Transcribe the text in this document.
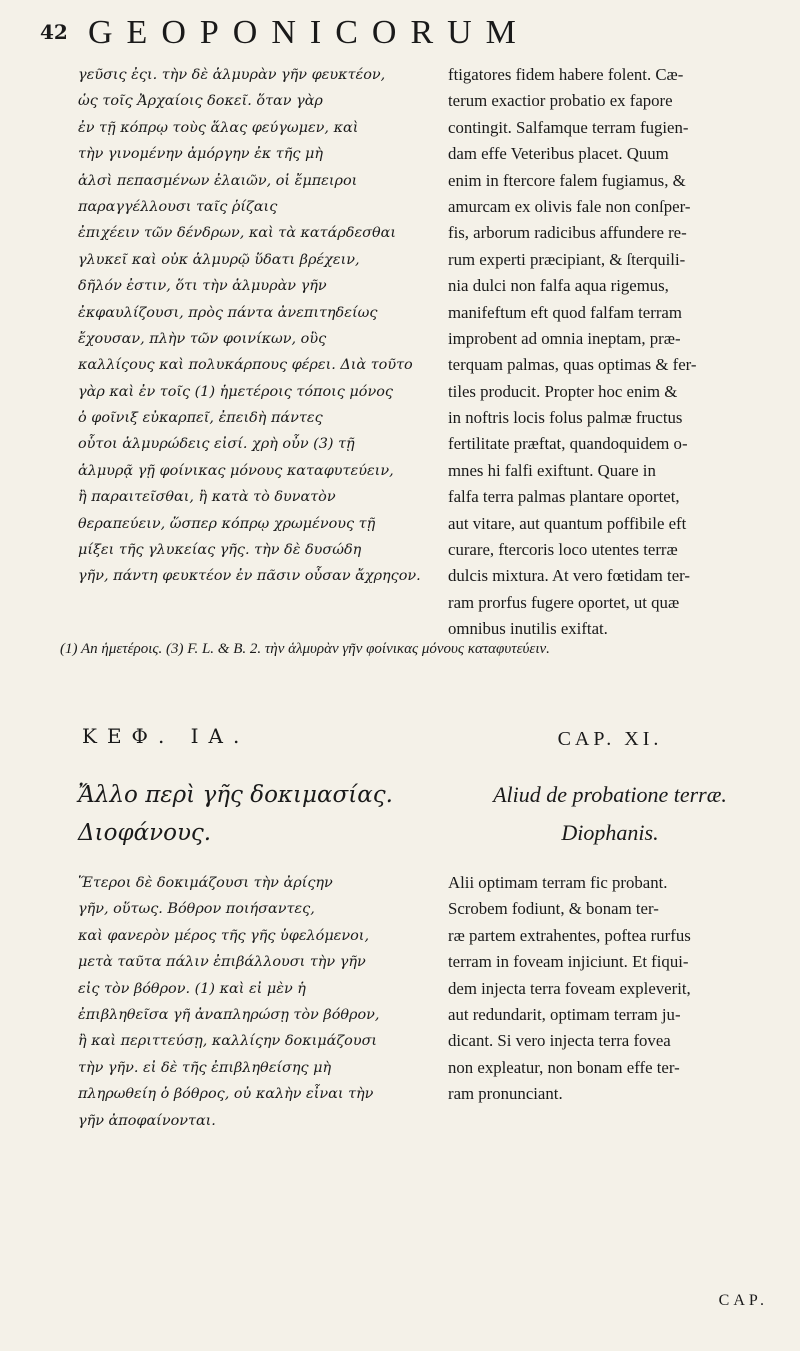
42 GEOPONICORUM
γεῦσις ἐςι. τὴν δὲ ἁλμυρὰν γῆν φευκτέον,
ὡς τοῖς Ἀρχαίοις δοκεῖ. ὅταν γὰρ
ἐν τῇ κόπρῳ τοὺς ἅλας φεύγωμεν, καὶ
τὴν γινομένην ἀμόργην ἐκ τῆς μὴ
ἁλσὶ πεπασμένων ἐλαιῶν, οἱ ἔμπειροι
παραγγέλλουσι ταῖς ῥίζαις
ἐπιχέειν τῶν δένδρων, καὶ τὰ κατάρδεσθαι
γλυκεῖ καὶ οὐκ ἁλμυρῷ ὕδατι βρέχειν,
δῆλόν ἐστιν, ὅτι τὴν ἁλμυρὰν γῆν
ἐκφαυλίζουσι, πρὸς πάντα ἀνεπιτηδείως
ἔχουσαν, πλὴν τῶν φοινίκων, οὓς
καλλίςους καὶ πολυκάρπους φέρει. Διὰ τοῦτο
γὰρ καὶ ἐν τοῖς (1) ἡμετέροις τόποις μόνος
ὁ φοῖνιξ εὐκαρπεῖ, ἐπειδὴ πάντες
οὗτοι ἁλμυρώδεις εἰσί. χρὴ οὖν (3) τῇ
ἁλμυρᾷ γῇ φοίνικας μόνους καταφυτεύειν,
ἢ παραιτεῖσθαι, ἢ κατὰ τὸ δυνατὸν
θεραπεύειν, ὥσπερ κόπρῳ χρωμένους τῇ
μίξει τῆς γλυκείας γῆς. τὴν δὲ δυσώδη
γῆν, πάντη φευκτέον ἐν πᾶσιν οὖσαν ἄχρηςον.
ftigatores fidem habere folent. Cæ-
terum exactior probatio ex fapore
contingit. Salfamque terram fugien-
dam effe Veteribus placet. Quum
enim in ftercore falem fugiamus, &
amurcam ex olivis fale non conſper-
fis, arborum radicibus affundere re-
rum experti præcipiant, & ſterquili-
nia dulci non falfa aqua rigemus,
manifeftum eft quod falfam terram
improbent ad omnia ineptam, præ-
terquam palmas, quas optimas & fer-
tiles producit. Propter hoc enim &
in noftris locis folus palmæ fructus
fertilitate præftat, quandoquidem o-
mnes hi falfi exiftunt. Quare in
falfa terra palmas plantare oportet,
aut vitare, aut quantum poffibile eft
curare, ftercoris loco utentes terræ
dulcis mixtura. At vero fœtidam ter-
ram prorfus fugere oportet, ut quæ
omnibus inutilis exiftat.
(1) An ἡμετέροις. (3) F. L. & B. 2. τὴν ἁλμυρὰν γῆν φοίνικας μόνους καταφυτεύειν.
ΚΕΦ. ΙΑ.	CAP. XI.
Ἄλλο περὶ γῆς δοκιμασίας. Διοφάνους.
Aliud de probatione terræ.
Diophanis.
Ἕτεροι δὲ δοκιμάζουσι τὴν ἀρίςην
γῆν, οὕτως. Βόθρον ποιήσαντες,
καὶ φανερὸν μέρος τῆς γῆς ὑφελόμενοι,
μετὰ ταῦτα πάλιν ἐπιβάλλουσι τὴν γῆν
εἰς τὸν βόθρον. (1) καὶ εἰ μὲν ἡ
ἐπιβληθεῖσα γῆ ἀναπληρώσῃ τὸν βόθρον,
ἢ καὶ περιττεύσῃ, καλλίςην δοκιμάζουσι
τὴν γῆν. εἰ δὲ τῆς ἐπιβληθείσης μὴ
πληρωθείη ὁ βόθρος, οὐ καλὴν εἶναι τὴν
γῆν ἀποφαίνονται.
Alii optimam terram fic probant.
Scrobem fodiunt, & bonam ter-
ræ partem extrahentes, poftea rurfus
terram in foveam injiciunt. Et fiqui-
dem injecta terra foveam expleverit,
aut redundarit, optimam terram ju-
dicant. Si vero injecta terra fovea
non expleatur, non bonam effe ter-
ram pronunciant.
CAP.
